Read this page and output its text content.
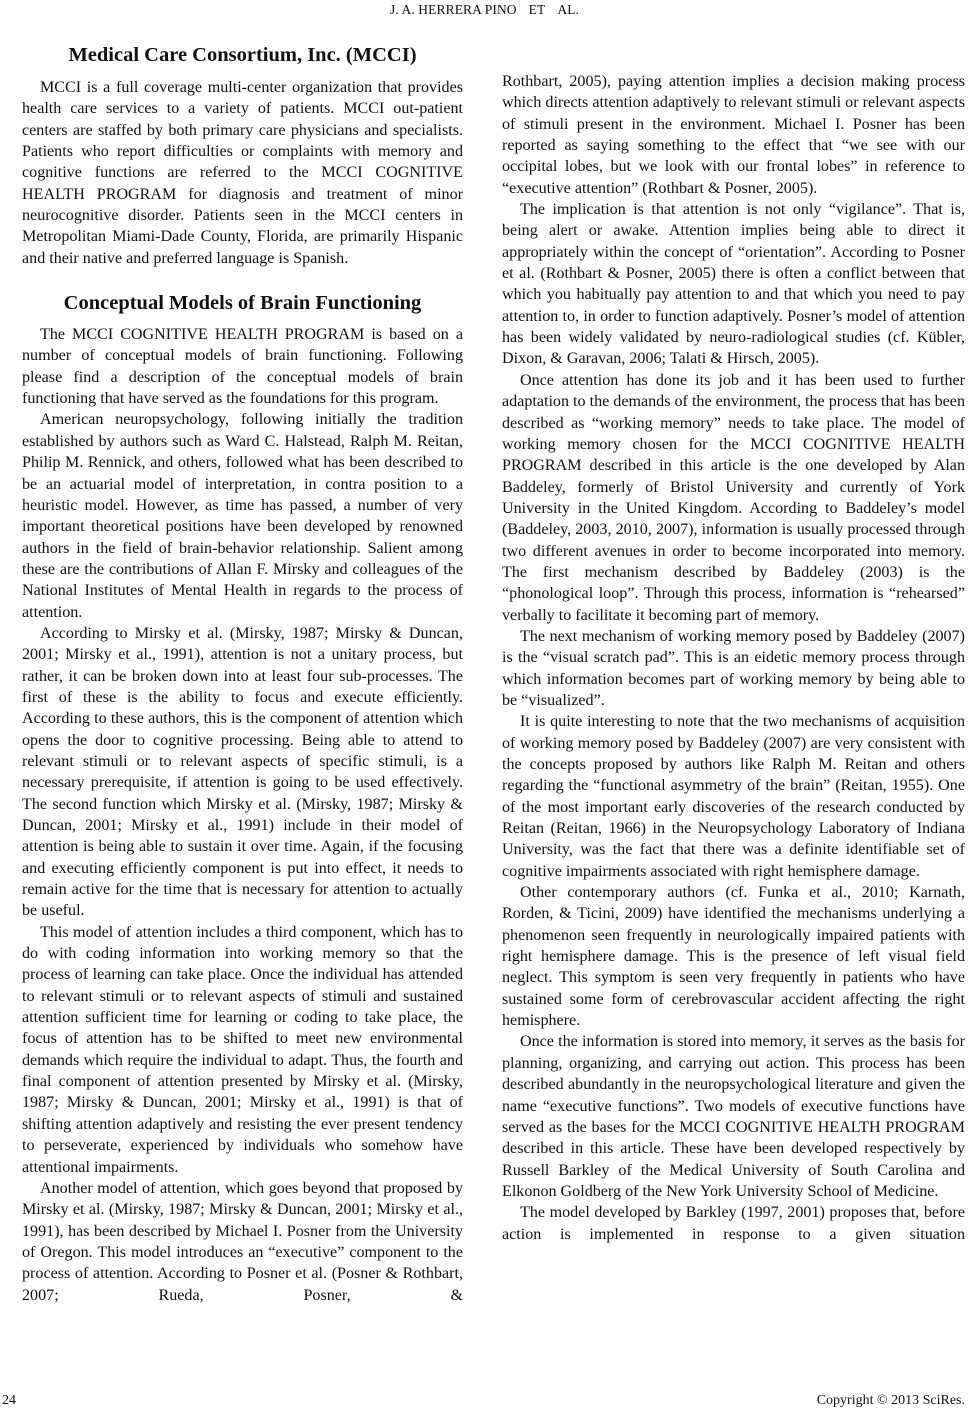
J. A. HERRERA PINO ET AL.
Medical Care Consortium, Inc. (MCCI)

MCCI is a full coverage multi-center organization that provides health care services to a variety of patients. MCCI out-patient centers are staffed by both primary care physicians and specialists. Patients who report difficulties or complaints with memory and cognitive functions are referred to the MCCI COGNITIVE HEALTH PROGRAM for diagnosis and treatment of minor neurocognitive disorder. Patients seen in the MCCI centers in Metropolitan Miami-Dade County, Florida, are primarily Hispanic and their native and preferred language is Spanish.

Conceptual Models of Brain Functioning

The MCCI COGNITIVE HEALTH PROGRAM is based on a number of conceptual models of brain functioning. Following please find a description of the conceptual models of brain functioning that have served as the foundations for this program.

American neuropsychology, following initially the tradition established by authors such as Ward C. Halstead, Ralph M. Reitan, Philip M. Rennick, and others, followed what has been described to be an actuarial model of interpretation, in contra position to a heuristic model. However, as time has passed, a number of very important theoretical positions have been developed by renowned authors in the field of brain-behavior relationship. Salient among these are the contributions of Allan F. Mirsky and colleagues of the National Institutes of Mental Health in regards to the process of attention.

According to Mirsky et al. (Mirsky, 1987; Mirsky & Duncan, 2001; Mirsky et al., 1991), attention is not a unitary process, but rather, it can be broken down into at least four sub-processes. The first of these is the ability to focus and execute efficiently. According to these authors, this is the component of attention which opens the door to cognitive processing. Being able to attend to relevant stimuli or to relevant aspects of specific stimuli, is a necessary prerequisite, if attention is going to be used effectively. The second function which Mirsky et al. (Mirsky, 1987; Mirsky & Duncan, 2001; Mirsky et al., 1991) include in their model of attention is being able to sustain it over time. Again, if the focusing and executing efficiently component is put into effect, it needs to remain active for the time that is necessary for attention to actually be useful.

This model of attention includes a third component, which has to do with coding information into working memory so that the process of learning can take place. Once the individual has attended to relevant stimuli or to relevant aspects of stimuli and sustained attention sufficient time for learning or coding to take place, the focus of attention has to be shifted to meet new environmental demands which require the individual to adapt. Thus, the fourth and final component of attention presented by Mirsky et al. (Mirsky, 1987; Mirsky & Duncan, 2001; Mirsky et al., 1991) is that of shifting attention adaptively and resisting the ever present tendency to perseverate, experienced by individuals who somehow have attentional impairments.

Another model of attention, which goes beyond that proposed by Mirsky et al. (Mirsky, 1987; Mirsky & Duncan, 2001; Mirsky et al., 1991), has been described by Michael I. Posner from the University of Oregon. This model introduces an “executive” component to the process of attention. According to Posner et al. (Posner & Rothbart, 2007; Rueda, Posner, &

Rothbart, 2005), paying attention implies a decision making process which directs attention adaptively to relevant stimuli or relevant aspects of stimuli present in the environment. Michael I. Posner has been reported as saying something to the effect that “we see with our occipital lobes, but we look with our frontal lobes” in reference to “executive attention” (Rothbart & Posner, 2005).

The implication is that attention is not only “vigilance”. That is, being alert or awake. Attention implies being able to direct it appropriately within the concept of “orientation”. According to Posner et al. (Rothbart & Posner, 2005) there is often a conflict between that which you habitually pay attention to and that which you need to pay attention to, in order to function adaptively. Posner’s model of attention has been widely validated by neuro-radiological studies (cf. Kübler, Dixon, & Garavan, 2006; Talati & Hirsch, 2005).

Once attention has done its job and it has been used to further adaptation to the demands of the environment, the process that has been described as “working memory” needs to take place. The model of working memory chosen for the MCCI COGNITIVE HEALTH PROGRAM described in this article is the one developed by Alan Baddeley, formerly of Bristol University and currently of York University in the United Kingdom. According to Baddeley’s model (Baddeley, 2003, 2010, 2007), information is usually processed through two different avenues in order to become incorporated into memory. The first mechanism described by Baddeley (2003) is the “phonological loop”. Through this process, information is “rehearsed” verbally to facilitate it becoming part of memory.

The next mechanism of working memory posed by Baddeley (2007) is the “visual scratch pad”. This is an eidetic memory process through which information becomes part of working memory by being able to be “visualized”.

It is quite interesting to note that the two mechanisms of acquisition of working memory posed by Baddeley (2007) are very consistent with the concepts proposed by authors like Ralph M. Reitan and others regarding the “functional asymmetry of the brain” (Reitan, 1955). One of the most important early discoveries of the research conducted by Reitan (Reitan, 1966) in the Neuropsychology Laboratory of Indiana University, was the fact that there was a definite identifiable set of cognitive impairments associated with right hemisphere damage.

Other contemporary authors (cf. Funka et al., 2010; Karnath, Rorden, & Ticini, 2009) have identified the mechanisms underlying a phenomenon seen frequently in neurologically impaired patients with right hemisphere damage. This is the presence of left visual field neglect. This symptom is seen very frequently in patients who have sustained some form of cerebrovascular accident affecting the right hemisphere.

Once the information is stored into memory, it serves as the basis for planning, organizing, and carrying out action. This process has been described abundantly in the neuropsychological literature and given the name “executive functions”. Two models of executive functions have served as the bases for the MCCI COGNITIVE HEALTH PROGRAM described in this article. These have been developed respectively by Russell Barkley of the Medical University of South Carolina and Elkonon Goldberg of the New York University School of Medicine.

The model developed by Barkley (1997, 2001) proposes that, before action is implemented in response to a given situation

24	Copyright © 2013 SciRes.
